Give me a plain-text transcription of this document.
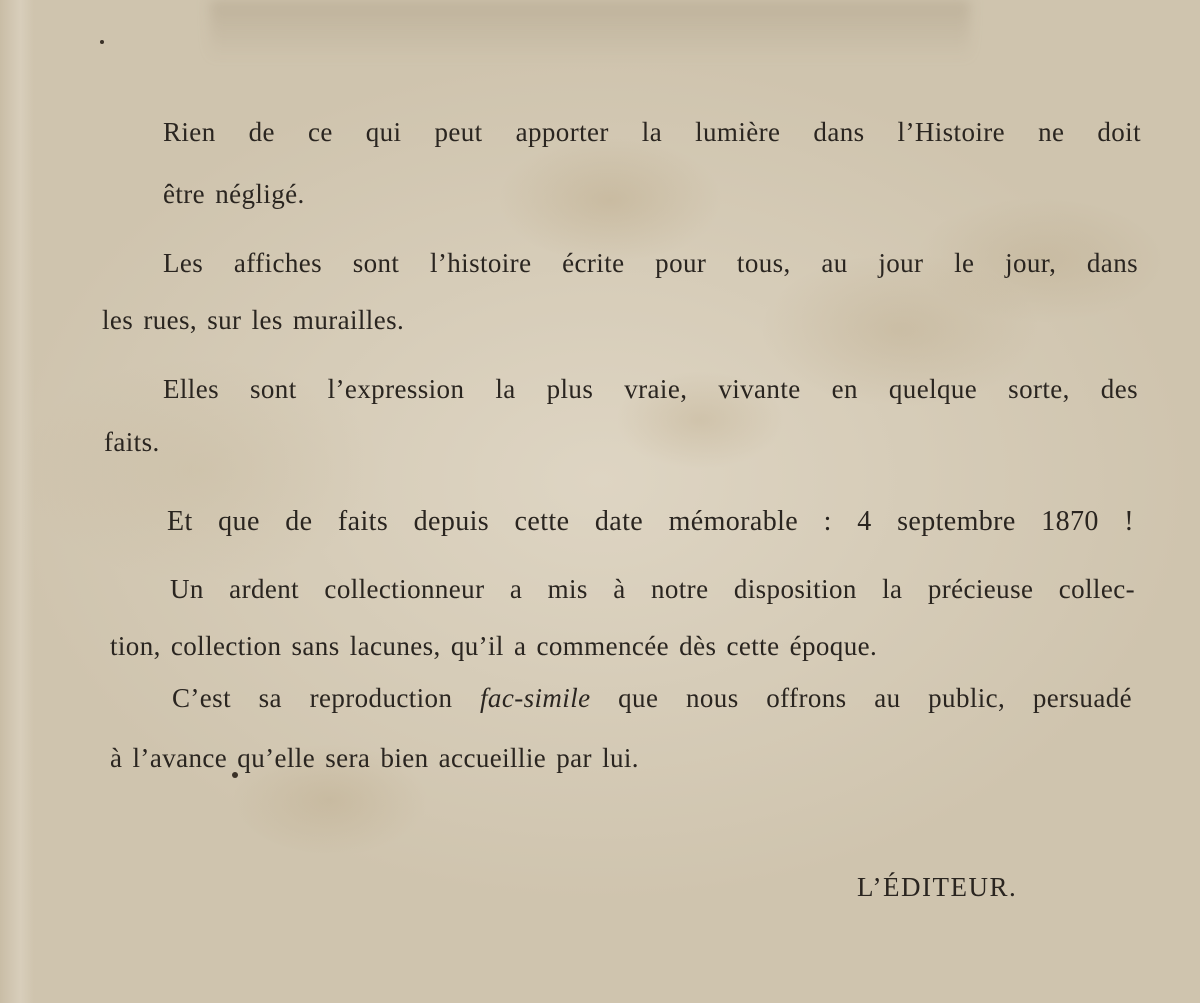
Rien de ce qui peut apporter la lumière dans l’Histoire ne doit

être négligé.

Les affiches sont l’histoire écrite pour tous, au jour le jour, dans

les rues, sur les murailles.

Elles sont l’expression la plus vraie, vivante en quelque sorte, des

faits.

Et que de faits depuis cette date mémorable : 4 septembre 1870 !

Un ardent collectionneur a mis à notre disposition la précieuse collec-

tion, collection sans lacunes, qu’il a commencée dès cette époque.

C’est sa reproduction fac-simile que nous offrons au public, persuadé

à l’avance qu’elle sera bien accueillie par lui.

L’ÉDITEUR.
